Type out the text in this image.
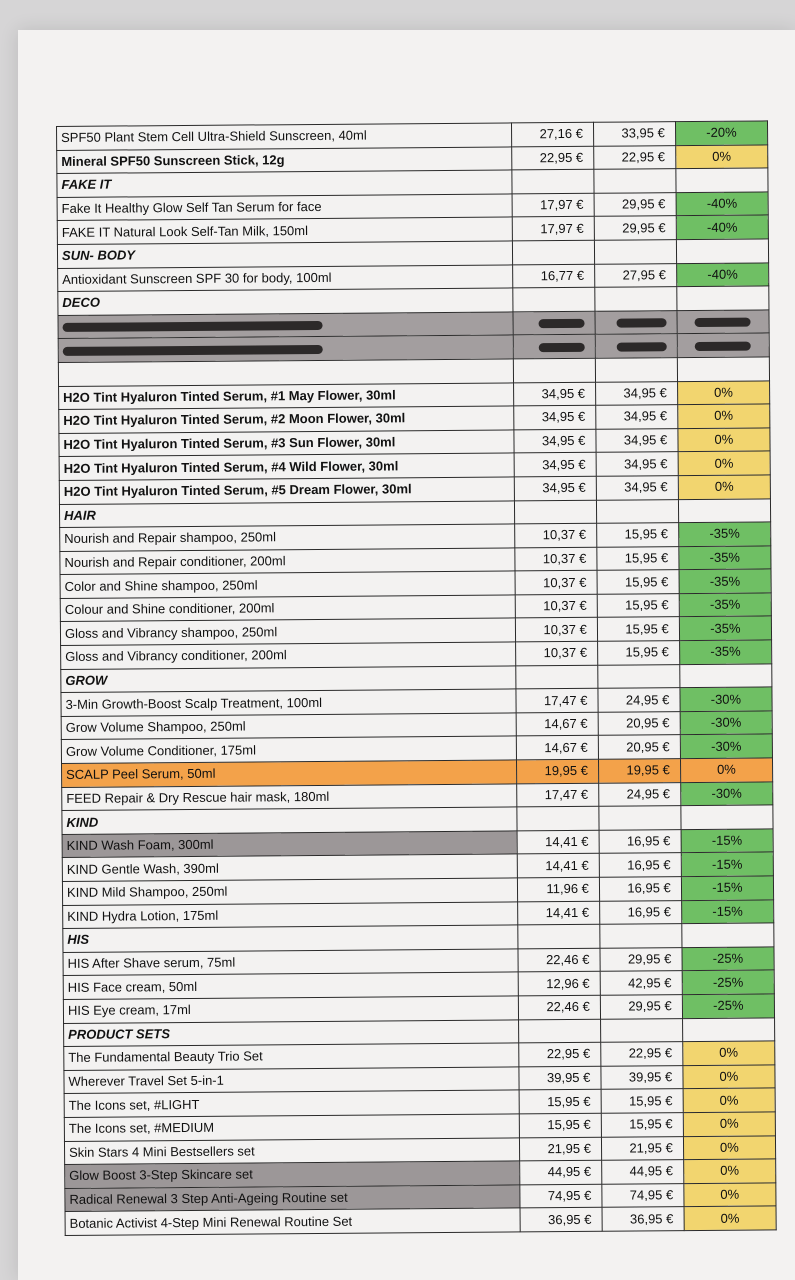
SPF50 Plant Stem Cell Ultra-Shield Sunscreen, 40ml	27,16 €	33,95 €	-20%
Mineral SPF50 Sunscreen Stick, 12g	22,95 €	22,95 €	0%
FAKE IT			
Fake It Healthy Glow Self Tan Serum for face	17,97 €	29,95 €	-40%
FAKE IT Natural Look Self-Tan Milk, 150ml	17,97 €	29,95 €	-40%
SUN- BODY			
Antioxidant Sunscreen SPF 30 for body, 100ml	16,77 €	27,95 €	-40%
DECO			

H2O Tint Hyaluron Tinted Serum, #1 May Flower, 30ml	34,95 €	34,95 €	0%
H2O Tint Hyaluron Tinted Serum, #2 Moon Flower, 30ml	34,95 €	34,95 €	0%
H2O Tint Hyaluron Tinted Serum, #3 Sun Flower, 30ml	34,95 €	34,95 €	0%
H2O Tint Hyaluron Tinted Serum, #4 Wild Flower, 30ml	34,95 €	34,95 €	0%
H2O Tint Hyaluron Tinted Serum, #5 Dream Flower, 30ml	34,95 €	34,95 €	0%
HAIR			
Nourish and Repair shampoo, 250ml	10,37 €	15,95 €	-35%
Nourish and Repair conditioner, 200ml	10,37 €	15,95 €	-35%
Color and Shine shampoo, 250ml	10,37 €	15,95 €	-35%
Colour and Shine conditioner, 200ml	10,37 €	15,95 €	-35%
Gloss and Vibrancy shampoo, 250ml	10,37 €	15,95 €	-35%
Gloss and Vibrancy conditioner, 200ml	10,37 €	15,95 €	-35%
GROW			
3-Min Growth-Boost Scalp Treatment, 100ml	17,47 €	24,95 €	-30%
Grow Volume Shampoo, 250ml	14,67 €	20,95 €	-30%
Grow Volume Conditioner, 175ml	14,67 €	20,95 €	-30%
SCALP Peel Serum, 50ml	19,95 €	19,95 €	0%
FEED Repair & Dry Rescue hair mask, 180ml	17,47 €	24,95 €	-30%
KIND			
KIND Wash Foam, 300ml	14,41 €	16,95 €	-15%
KIND Gentle Wash, 390ml	14,41 €	16,95 €	-15%
KIND Mild Shampoo, 250ml	11,96 €	16,95 €	-15%
KIND Hydra Lotion, 175ml	14,41 €	16,95 €	-15%
HIS			
HIS After Shave serum, 75ml	22,46 €	29,95 €	-25%
HIS Face cream, 50ml	12,96 €	42,95 €	-25%
HIS Eye cream, 17ml	22,46 €	29,95 €	-25%
PRODUCT SETS			
The Fundamental Beauty Trio Set	22,95 €	22,95 €	0%
Wherever Travel Set 5-in-1	39,95 €	39,95 €	0%
The Icons set, #LIGHT	15,95 €	15,95 €	0%
The Icons set, #MEDIUM	15,95 €	15,95 €	0%
Skin Stars 4 Mini Bestsellers set	21,95 €	21,95 €	0%
Glow Boost 3-Step Skincare set	44,95 €	44,95 €	0%
Radical Renewal 3 Step Anti-Ageing Routine set	74,95 €	74,95 €	0%
Botanic Activist 4-Step Mini Renewal Routine Set	36,95 €	36,95 €	0%
